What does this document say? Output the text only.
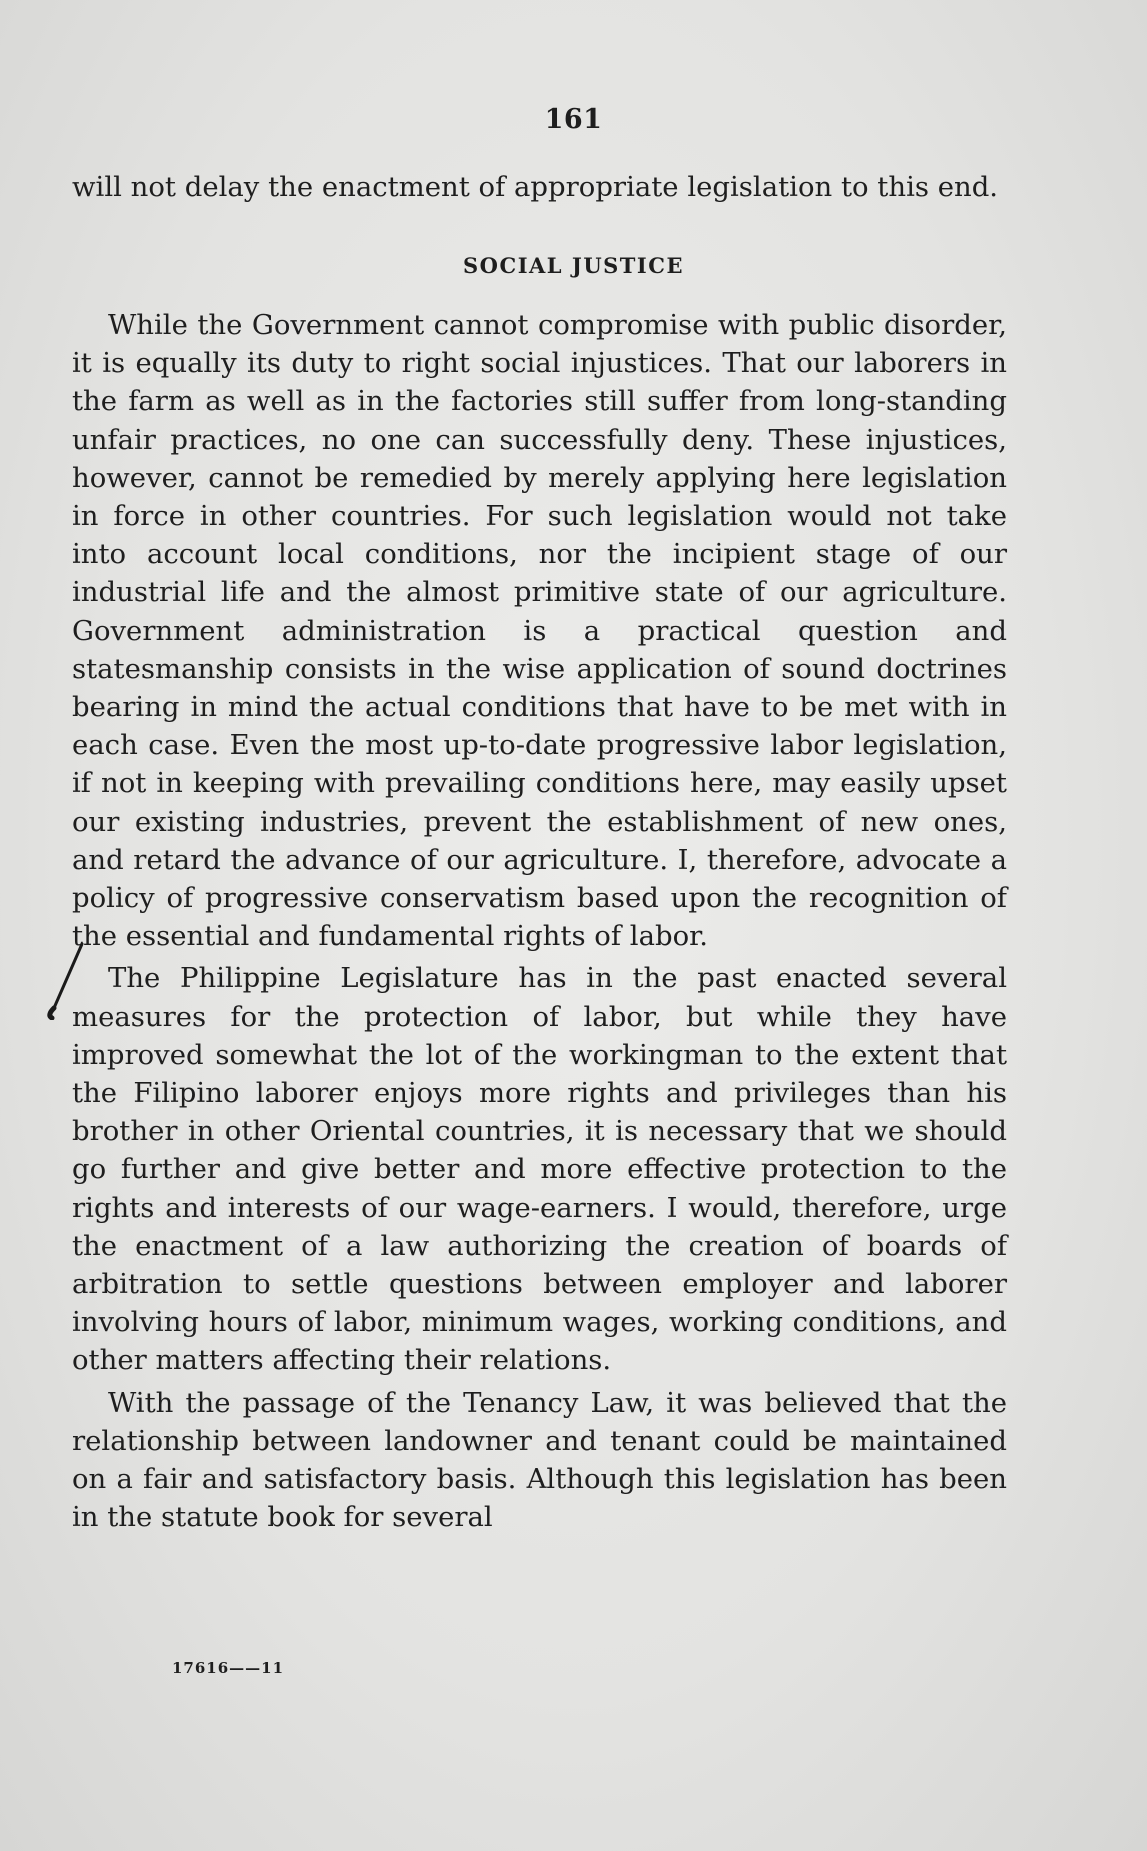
161

will not delay the enactment of appropriate legislation to this end.

SOCIAL JUSTICE

While the Government cannot compromise with public disorder, it is equally its duty to right social injustices. That our laborers in the farm as well as in the factories still suffer from long-standing unfair practices, no one can successfully deny. These injustices, however, cannot be remedied by merely applying here legislation in force in other countries. For such legislation would not take into account local conditions, nor the incipient stage of our industrial life and the almost primitive state of our agriculture. Government administration is a practical question and statesmanship consists in the wise application of sound doctrines bearing in mind the actual conditions that have to be met with in each case. Even the most up-to-date progressive labor legislation, if not in keeping with prevailing conditions here, may easily upset our existing industries, prevent the establishment of new ones, and retard the advance of our agriculture. I, therefore, advocate a policy of progressive conservatism based upon the recognition of the essential and fundamental rights of labor.

The Philippine Legislature has in the past enacted several measures for the protection of labor, but while they have improved somewhat the lot of the workingman to the extent that the Filipino laborer enjoys more rights and privileges than his brother in other Oriental countries, it is necessary that we should go further and give better and more effective protection to the rights and interests of our wage-earners. I would, therefore, urge the enactment of a law authorizing the creation of boards of arbitration to settle questions between employer and laborer involving hours of labor, minimum wages, working conditions, and other matters affecting their relations.

With the passage of the Tenancy Law, it was believed that the relationship between landowner and tenant could be maintained on a fair and satisfactory basis. Although this legislation has been in the statute book for several

17616——11
